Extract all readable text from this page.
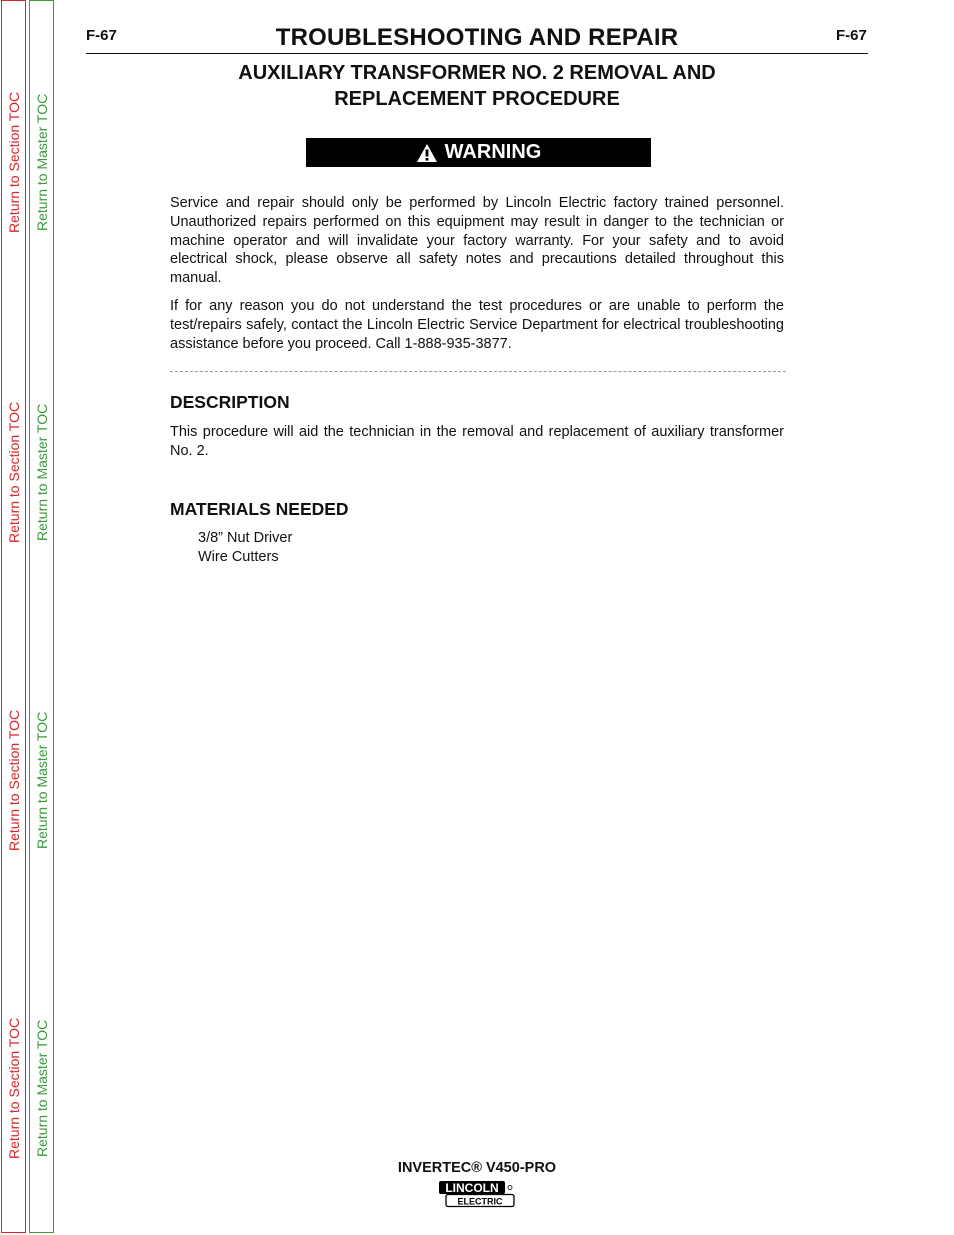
Return to Section TOC
Return to Section TOC
Return to Section TOC
Return to Section TOC
Return to Master TOC
Return to Master TOC
Return to Master TOC
Return to Master TOC
F-67	TROUBLESHOOTING AND REPAIR	F-67
AUXILIARY TRANSFORMER NO. 2 REMOVAL AND
REPLACEMENT PROCEDURE
WARNING
Service and repair should only be performed by Lincoln Electric factory trained personnel. Unauthorized repairs performed on this equipment may result in danger to the technician or machine operator and will invalidate your factory warranty. For your safety and to avoid electrical shock, please observe all safety notes and precautions detailed throughout this manual.
If for any reason you do not understand the test procedures or are unable to perform the test/repairs safely, contact the Lincoln Electric Service Department for electrical troubleshooting assistance before you proceed. Call 1-888-935-3877.
DESCRIPTION
This procedure will aid the technician in the removal and replacement of auxiliary transformer No. 2.
MATERIALS NEEDED
3/8” Nut Driver
Wire Cutters
INVERTEC® V450-PRO
LINCOLN
ELECTRIC
